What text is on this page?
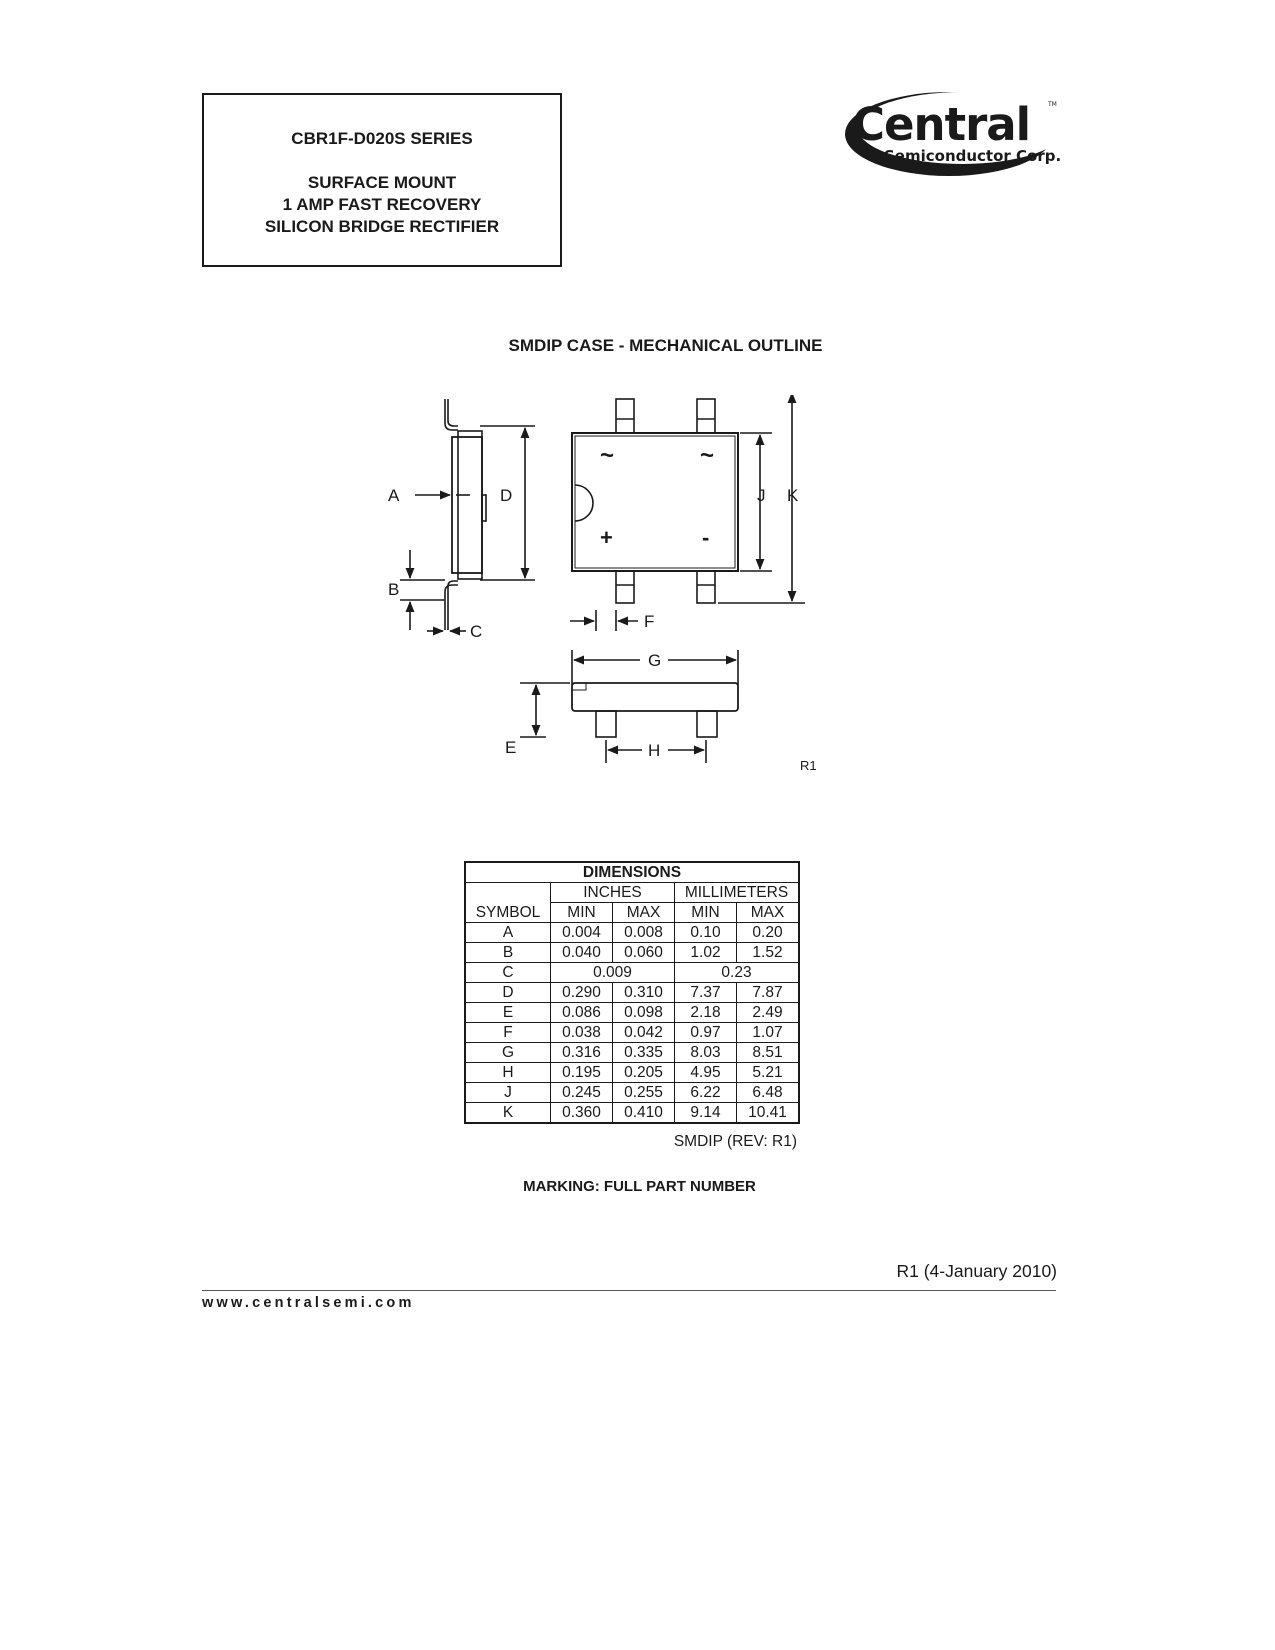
CBR1F-D020S SERIES
SURFACE MOUNT
1 AMP FAST RECOVERY
SILICON BRIDGE RECTIFIER
Central	TM
Semiconductor Corp.
SMDIP CASE - MECHANICAL OUTLINE
A	D
B
C
J K
F
G
E	H
~	~
+	-
R1
DIMENSIONS				
	INCHES		MILLIMETERS	
SYMBOL	MIN	MAX	MIN	MAX
A	0.004	0.008	0.10	0.20
B	0.040	0.060	1.02	1.52
C	0.009		0.23	
D	0.290	0.310	7.37	7.87
E	0.086	0.098	2.18	2.49
F	0.038	0.042	0.97	1.07
G	0.316	0.335	8.03	8.51
H	0.195	0.205	4.95	5.21
J	0.245	0.255	6.22	6.48
K	0.360	0.410	9.14	10.41
SMDIP (REV: R1)
MARKING: FULL PART NUMBER
R1 (4-January 2010)
www.centralsemi.com
